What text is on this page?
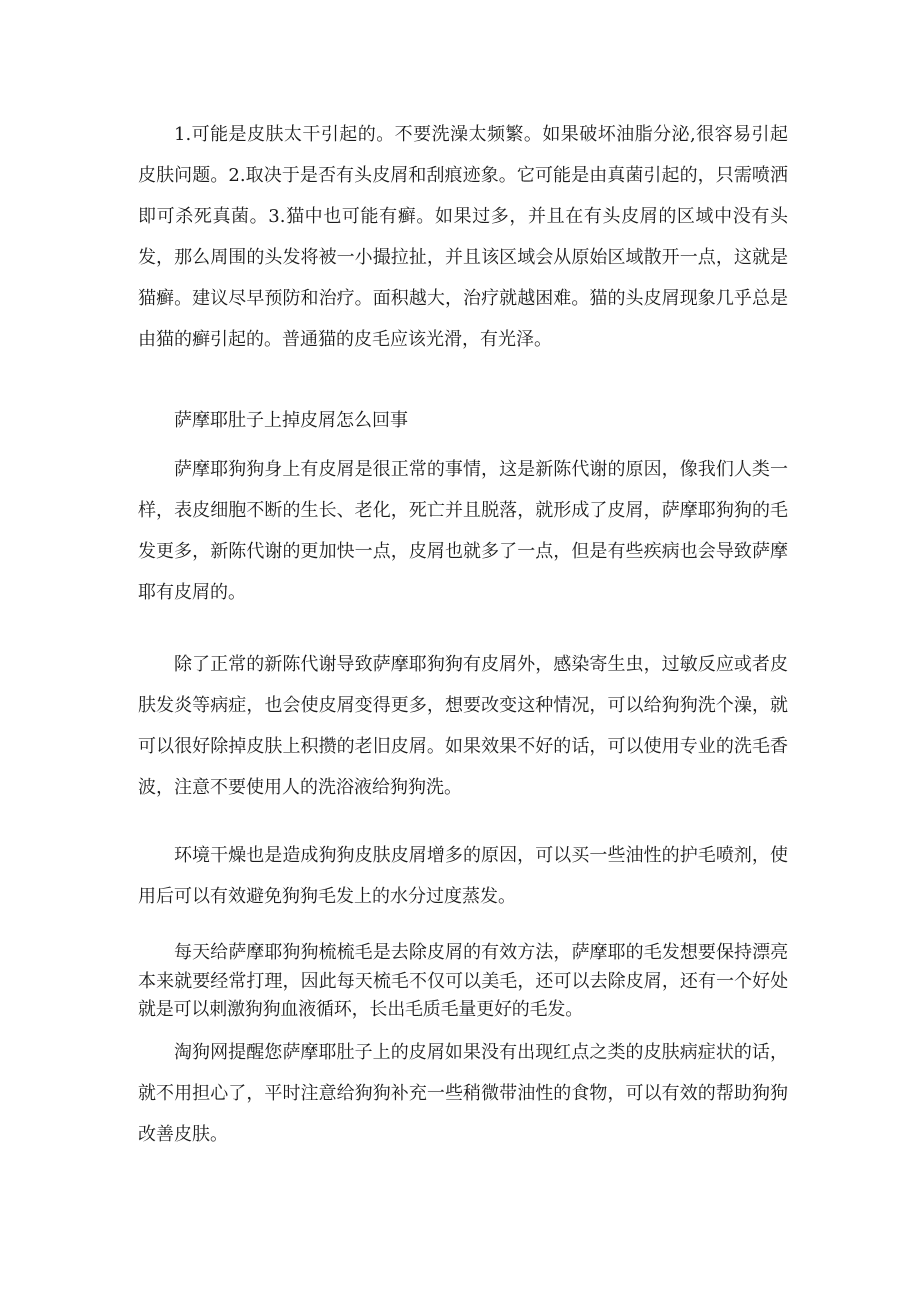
1.可能是皮肤太干引起的。不要洗澡太频繁。如果破坏油脂分泌,很容易引起皮肤问题。2.取决于是否有头皮屑和刮痕迹象。它可能是由真菌引起的，只需喷洒即可杀死真菌。3.猫中也可能有癣。如果过多，并且在有头皮屑的区域中没有头发，那么周围的头发将被一小撮拉扯，并且该区域会从原始区域散开一点，这就是猫癣。建议尽早预防和治疗。面积越大，治疗就越困难。猫的头皮屑现象几乎总是由猫的癣引起的。普通猫的皮毛应该光滑，有光泽。

萨摩耶肚子上掉皮屑怎么回事

萨摩耶狗狗身上有皮屑是很正常的事情，这是新陈代谢的原因，像我们人类一样，表皮细胞不断的生长、老化，死亡并且脱落，就形成了皮屑，萨摩耶狗狗的毛发更多，新陈代谢的更加快一点，皮屑也就多了一点，但是有些疾病也会导致萨摩耶有皮屑的。

除了正常的新陈代谢导致萨摩耶狗狗有皮屑外，感染寄生虫，过敏反应或者皮肤发炎等病症，也会使皮屑变得更多，想要改变这种情况，可以给狗狗洗个澡，就可以很好除掉皮肤上积攒的老旧皮屑。如果效果不好的话，可以使用专业的洗毛香波，注意不要使用人的洗浴液给狗狗洗。

环境干燥也是造成狗狗皮肤皮屑增多的原因，可以买一些油性的护毛喷剂，使用后可以有效避免狗狗毛发上的水分过度蒸发。

每天给萨摩耶狗狗梳梳毛是去除皮屑的有效方法，萨摩耶的毛发想要保持漂亮本来就要经常打理，因此每天梳毛不仅可以美毛，还可以去除皮屑，还有一个好处就是可以刺激狗狗血液循环，长出毛质毛量更好的毛发。

淘狗网提醒您萨摩耶肚子上的皮屑如果没有出现红点之类的皮肤病症状的话，就不用担心了，平时注意给狗狗补充一些稍微带油性的食物，可以有效的帮助狗狗改善皮肤。
